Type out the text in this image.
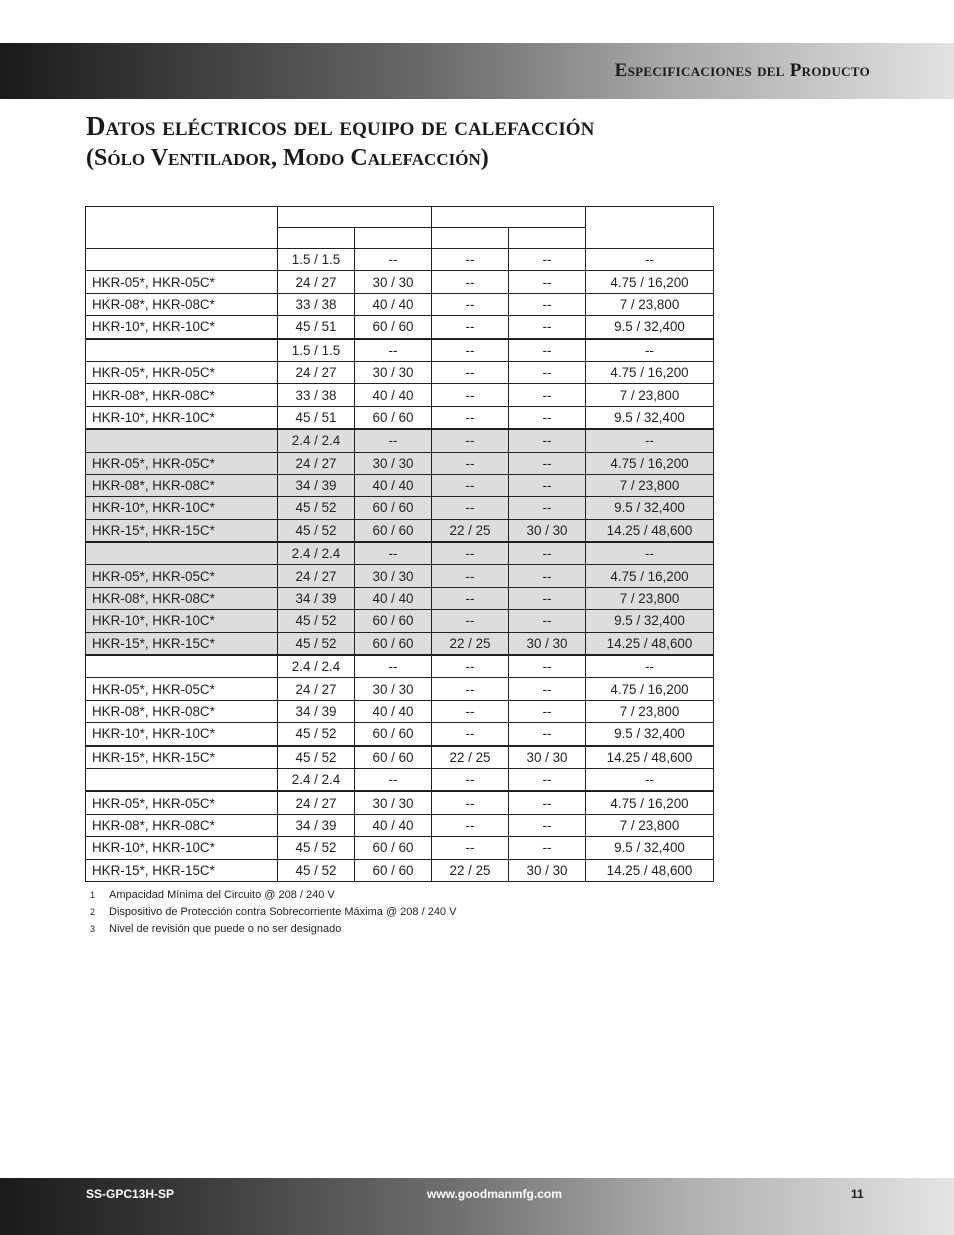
Especificaciones del Producto
Datos eléctricos del equipo de calefacción
(Sólo Ventilador, Modo Calefacción)

	1.5 / 1.5	--	--	--	--
HKR-05*, HKR-05C*	24 / 27	30 / 30	--	--	4.75 / 16,200
HKR-08*, HKR-08C*	33 / 38	40 / 40	--	--	7 / 23,800
HKR-10*, HKR-10C*	45 / 51	60 / 60	--	--	9.5 / 32,400
	1.5 / 1.5	--	--	--	--
HKR-05*, HKR-05C*	24 / 27	30 / 30	--	--	4.75 / 16,200
HKR-08*, HKR-08C*	33 / 38	40 / 40	--	--	7 / 23,800
HKR-10*, HKR-10C*	45 / 51	60 / 60	--	--	9.5 / 32,400
	2.4 / 2.4	--	--	--	--
HKR-05*, HKR-05C*	24 / 27	30 / 30	--	--	4.75 / 16,200
HKR-08*, HKR-08C*	34 / 39	40 / 40	--	--	7 / 23,800
HKR-10*, HKR-10C*	45 / 52	60 / 60	--	--	9.5 / 32,400
HKR-15*, HKR-15C*	45 / 52	60 / 60	22 / 25	30 / 30	14.25 / 48,600
	2.4 / 2.4	--	--	--	--
HKR-05*, HKR-05C*	24 / 27	30 / 30	--	--	4.75 / 16,200
HKR-08*, HKR-08C*	34 / 39	40 / 40	--	--	7 / 23,800
HKR-10*, HKR-10C*	45 / 52	60 / 60	--	--	9.5 / 32,400
HKR-15*, HKR-15C*	45 / 52	60 / 60	22 / 25	30 / 30	14.25 / 48,600
	2.4 / 2.4	--	--	--	--
HKR-05*, HKR-05C*	24 / 27	30 / 30	--	--	4.75 / 16,200
HKR-08*, HKR-08C*	34 / 39	40 / 40	--	--	7 / 23,800
HKR-10*, HKR-10C*	45 / 52	60 / 60	--	--	9.5 / 32,400
HKR-15*, HKR-15C*	45 / 52	60 / 60	22 / 25	30 / 30	14.25 / 48,600
	2.4 / 2.4	--	--	--	--
HKR-05*, HKR-05C*	24 / 27	30 / 30	--	--	4.75 / 16,200
HKR-08*, HKR-08C*	34 / 39	40 / 40	--	--	7 / 23,800
HKR-10*, HKR-10C*	45 / 52	60 / 60	--	--	9.5 / 32,400
HKR-15*, HKR-15C*	45 / 52	60 / 60	22 / 25	30 / 30	14.25 / 48,600
1	Ampacidad Mínima del Circuito @ 208 / 240 V
2	Dispositivo de Protección contra Sobrecorriente Máxima @ 208 / 240 V
3	Nivel de revisión que puede o no ser designado
SS-GPC13H-SP	www.goodmanmfg.com	11
